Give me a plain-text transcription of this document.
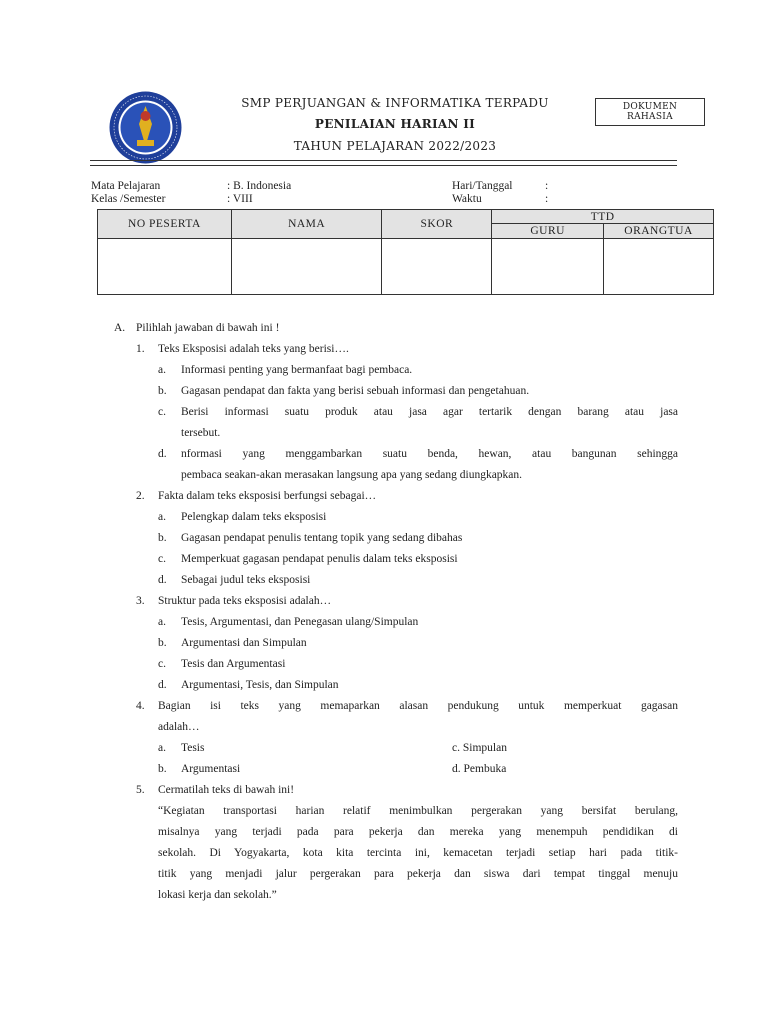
SMP PERJUANGAN & INFORMATIKA TERPADU
PENILAIAN HARIAN II
TAHUN PELAJARAN 2022/2023
DOKUMEN
RAHASIA
Mata Pelajaran	: B. Indonesia
Kelas /Semester	: VIII
Hari/Tanggal	:
Waktu	:
NO PESERTA	NAMA	SKOR	TTD	
			GURU	ORANGTUA

A. Pilihlah jawaban di bawah ini !
1. Teks Eksposisi adalah teks yang berisi….
a. Informasi penting yang bermanfaat bagi pembaca.
b. Gagasan pendapat dan fakta yang berisi sebuah informasi dan pengetahuan.
c. Berisi informasi suatu produk atau jasa agar tertarik dengan barang atau jasa
tersebut.
d. nformasi yang menggambarkan suatu benda, hewan, atau bangunan sehingga
pembaca seakan-akan merasakan langsung apa yang sedang diungkapkan.
2. Fakta dalam teks eksposisi berfungsi sebagai…
a. Pelengkap dalam teks eksposisi
b. Gagasan pendapat penulis tentang topik yang sedang dibahas
c. Memperkuat gagasan pendapat penulis dalam teks eksposisi
d. Sebagai judul teks eksposisi
3. Struktur pada teks eksposisi adalah…
a. Tesis, Argumentasi, dan Penegasan ulang/Simpulan
b. Argumentasi dan Simpulan
c. Tesis dan Argumentasi
d. Argumentasi, Tesis, dan Simpulan
4. Bagian isi teks yang memaparkan alasan pendukung untuk memperkuat gagasan
adalah…
a. Tesis
b. Argumentasi
c. Simpulan
d. Pembuka
5. Cermatilah teks di bawah ini!
“Kegiatan transportasi harian relatif menimbulkan pergerakan yang bersifat berulang,
misalnya yang terjadi pada para pekerja dan mereka yang menempuh pendidikan di
sekolah. Di Yogyakarta, kota kita tercinta ini, kemacetan terjadi setiap hari pada titik-
titik yang menjadi jalur pergerakan para pekerja dan siswa dari tempat tinggal menuju
lokasi kerja dan sekolah.”
